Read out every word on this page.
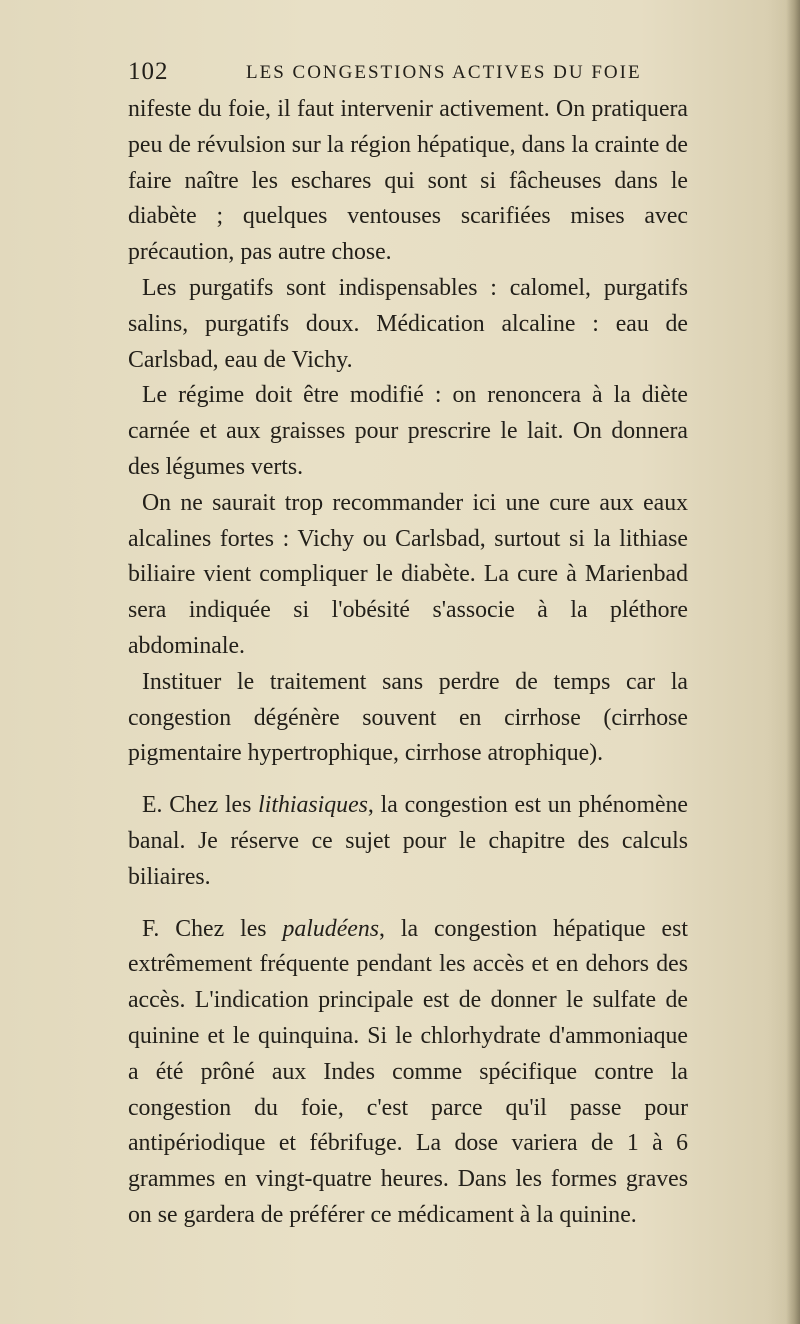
102	LES CONGESTIONS ACTIVES DU FOIE

nifeste du foie, il faut intervenir activement. On pratiquera peu de révulsion sur la région hépatique, dans la crainte de faire naître les eschares qui sont si fâcheuses dans le diabète ; quelques ventouses scarifiées mises avec précaution, pas autre chose.

Les purgatifs sont indispensables : calomel, purgatifs salins, purgatifs doux. Médication alcaline : eau de Carlsbad, eau de Vichy.

Le régime doit être modifié : on renoncera à la diète carnée et aux graisses pour prescrire le lait. On donnera des légumes verts.

On ne saurait trop recommander ici une cure aux eaux alcalines fortes : Vichy ou Carlsbad, surtout si la lithiase biliaire vient compliquer le diabète. La cure à Marienbad sera indiquée si l'obésité s'associe à la pléthore abdominale.

Instituer le traitement sans perdre de temps car la congestion dégénère souvent en cirrhose (cirrhose pigmentaire hypertrophique, cirrhose atrophique).

E. Chez les lithiasiques, la congestion est un phénomène banal. Je réserve ce sujet pour le chapitre des calculs biliaires.

F. Chez les paludéens, la congestion hépatique est extrêmement fréquente pendant les accès et en dehors des accès. L'indication principale est de donner le sulfate de quinine et le quinquina. Si le chlorhydrate d'ammoniaque a été prôné aux Indes comme spécifique contre la congestion du foie, c'est parce qu'il passe pour antipériodique et fébrifuge. La dose variera de 1 à 6 grammes en vingt-quatre heures. Dans les formes graves on se gardera de préférer ce médicament à la quinine.
